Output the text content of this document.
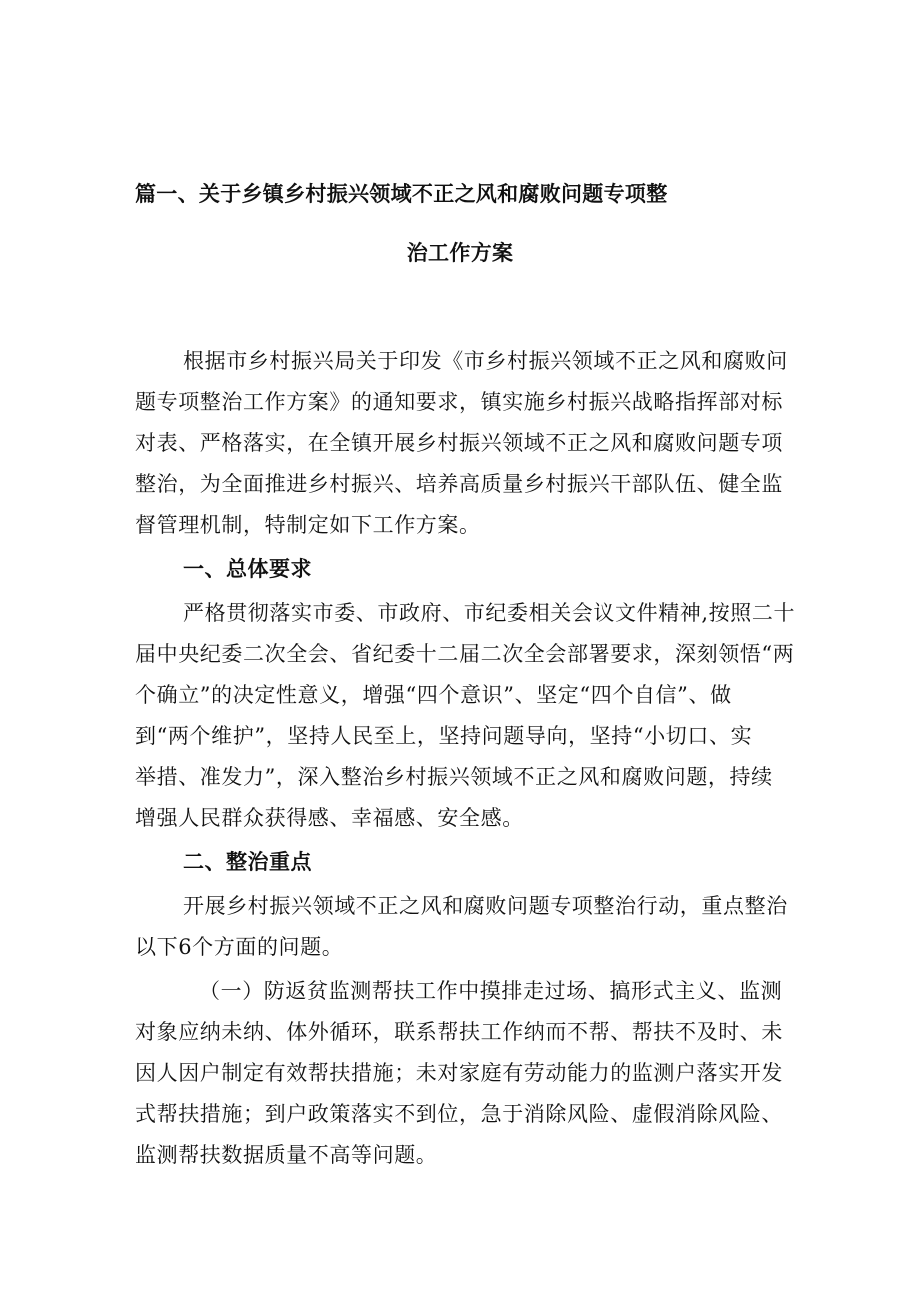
篇一、关于乡镇乡村振兴领域不正之风和腐败问题专项整
治工作方案
根据市乡村振兴局关于印发《市乡村振兴领域不正之风和腐败问
题专项整治工作方案》的通知要求，镇实施乡村振兴战略指挥部对标
对表、严格落实，在全镇开展乡村振兴领域不正之风和腐败问题专项
整治，为全面推进乡村振兴、培养高质量乡村振兴干部队伍、健全监
督管理机制，特制定如下工作方案。
一、总体要求
严格贯彻落实市委、市政府、市纪委相关会议文件精神,按照二十
届中央纪委二次全会、省纪委十二届二次全会部署要求，深刻领悟“两
个确立”的决定性意义，增强“四个意识”、坚定“四个自信”、做
到“两个维护”，坚持人民至上，坚持问题导向，坚持“小切口、实
举措、准发力”，深入整治乡村振兴领域不正之风和腐败问题，持续
增强人民群众获得感、幸福感、安全感。
二、整治重点
开展乡村振兴领域不正之风和腐败问题专项整治行动，重点整治
以下6个方面的问题。
（一）防返贫监测帮扶工作中摸排走过场、搞形式主义、监测
对象应纳未纳、体外循环，联系帮扶工作纳而不帮、帮扶不及时、未
因人因户制定有效帮扶措施；未对家庭有劳动能力的监测户落实开发
式帮扶措施；到户政策落实不到位，急于消除风险、虚假消除风险、
监测帮扶数据质量不高等问题。
